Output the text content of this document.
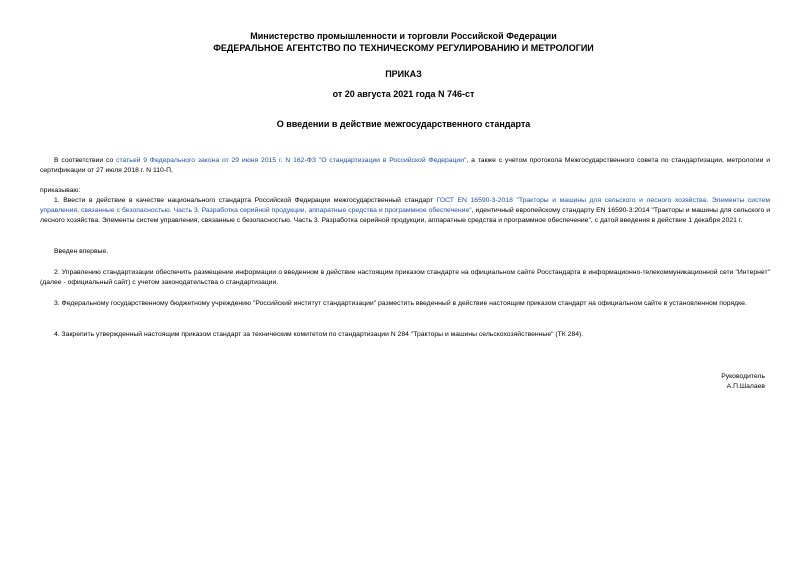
Министерство промышленности и торговли Российской Федерации
ФЕДЕРАЛЬНОЕ АГЕНТСТВО ПО ТЕХНИЧЕСКОМУ РЕГУЛИРОВАНИЮ И МЕТРОЛОГИИ
ПРИКАЗ
от 20 августа 2021 года N 746-ст
О введении в действие межгосударственного стандарта
В соответствии со статьей 9 Федерального закона от 29 июня 2015 г. N 162-ФЗ "О стандартизации в Российской Федерации", а также с учетом протокола Межгосударственного совета по стандартизации, метрологии и сертификации от 27 июля 2018 г. N 110-П,
приказываю:
1. Ввести в действие в качестве национального стандарта Российской Федерации межгосударственный стандарт ГОСТ EN 16590-3-2018 "Тракторы и машины для сельского и лесного хозяйства. Элементы систем управления, связанные с безопасностью. Часть 3. Разработка серийной продукции, аппаратные средства и программное обеспечение", идентичный европейскому стандарту EN 16590-3:2014 "Тракторы и машины для сельского и лесного хозяйства. Элементы систем управления, связанные с безопасностью. Часть 3. Разработка серийной продукции, аппаратные средства и программное обеспечение", с датой введения в действие 1 декабря 2021 г.
Введен впервые.
2. Управлению стандартизации обеспечить размещение информации о введенном в действие настоящим приказом стандарте на официальном сайте Росстандарта в информационно-телекоммуникационной сети "Интернет" (далее - официальный сайт) с учетом законодательства о стандартизации.
3. Федеральному государственному бюджетному учреждению "Российский институт стандартизации" разместить введенный в действие настоящим приказом стандарт на официальном сайте в установленном порядке.
4. Закрепить утвержденный настоящим приказом стандарт за техническим комитетом по стандартизации N 284 "Тракторы и машины сельскохозяйственные" (ТК 284).
Руководитель
А.П.Шалаев
